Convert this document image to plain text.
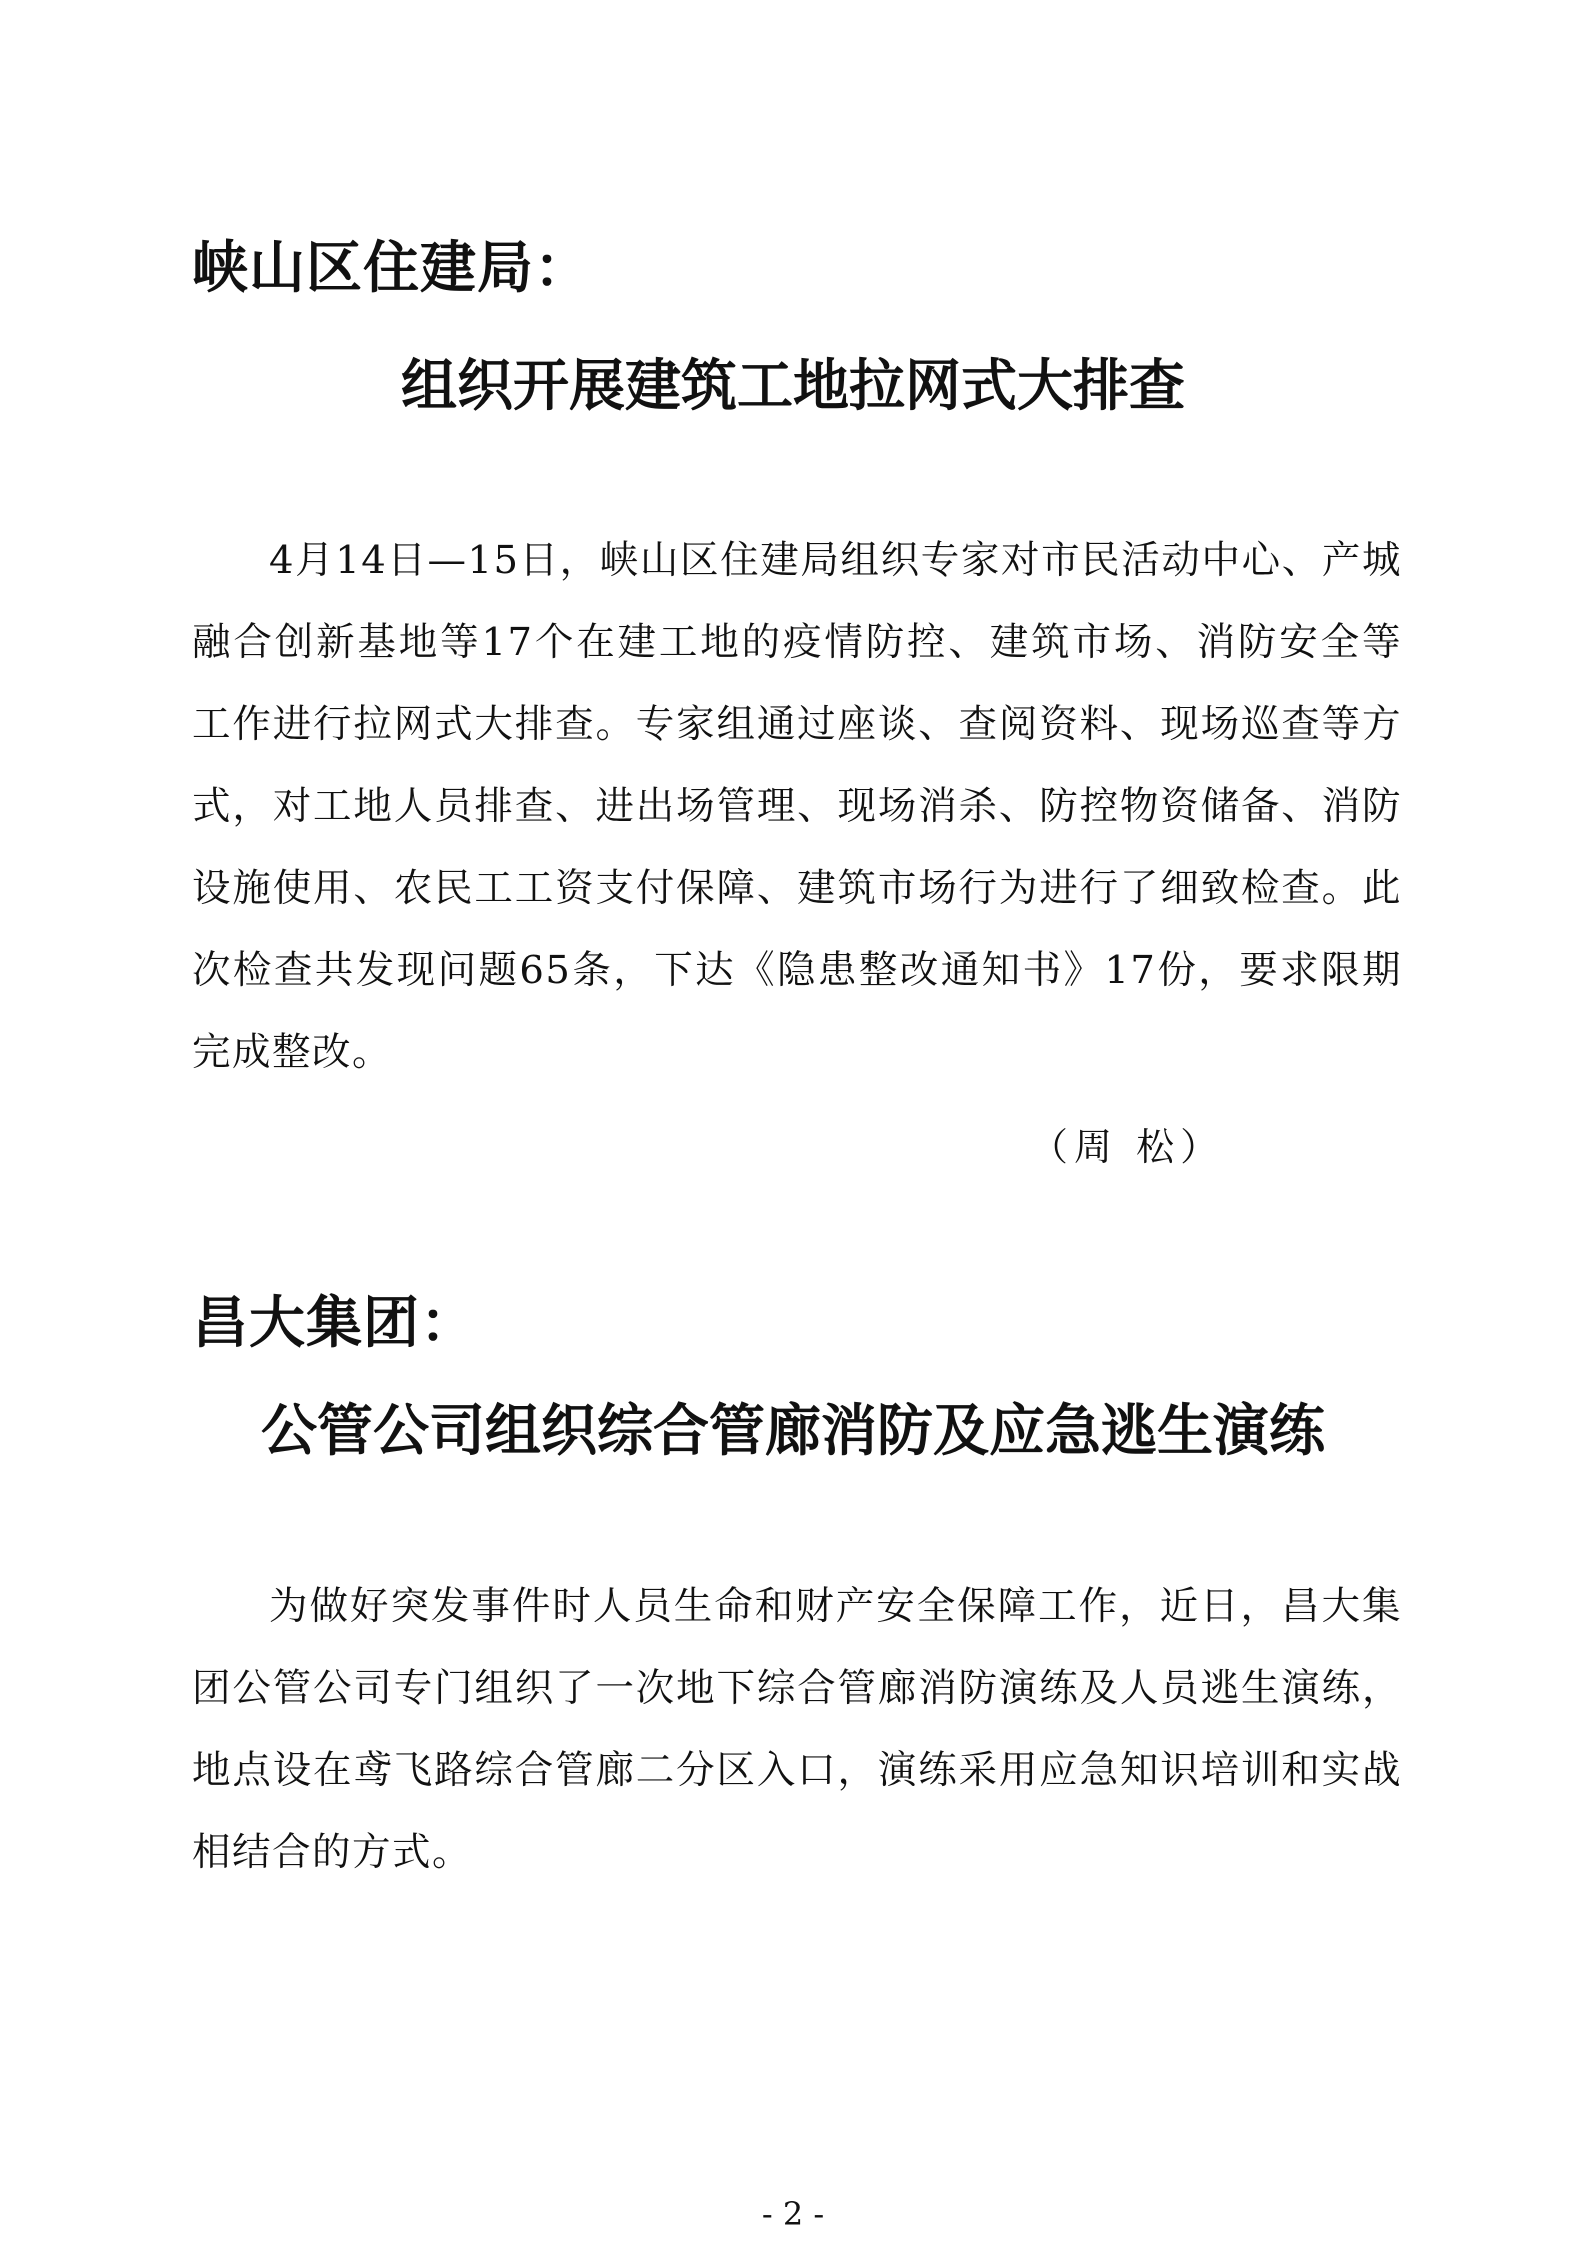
峡山区住建局：
组织开展建筑工地拉网式大排查

4月14日—15日，峡山区住建局组织专家对市民活动中心、产城融合创新基地等17个在建工地的疫情防控、建筑市场、消防安全等工作进行拉网式大排查。专家组通过座谈、查阅资料、现场巡查等方式，对工地人员排查、进出场管理、现场消杀、防控物资储备、消防设施使用、农民工工资支付保障、建筑市场行为进行了细致检查。此次检查共发现问题65条，下达《隐患整改通知书》17份，要求限期完成整改。

（周 松）
昌大集团：
公管公司组织综合管廊消防及应急逃生演练

为做好突发事件时人员生命和财产安全保障工作，近日，昌大集团公管公司专门组织了一次地下综合管廊消防演练及人员逃生演练，地点设在鸢飞路综合管廊二分区入口，演练采用应急知识培训和实战相结合的方式。

- 2 -
